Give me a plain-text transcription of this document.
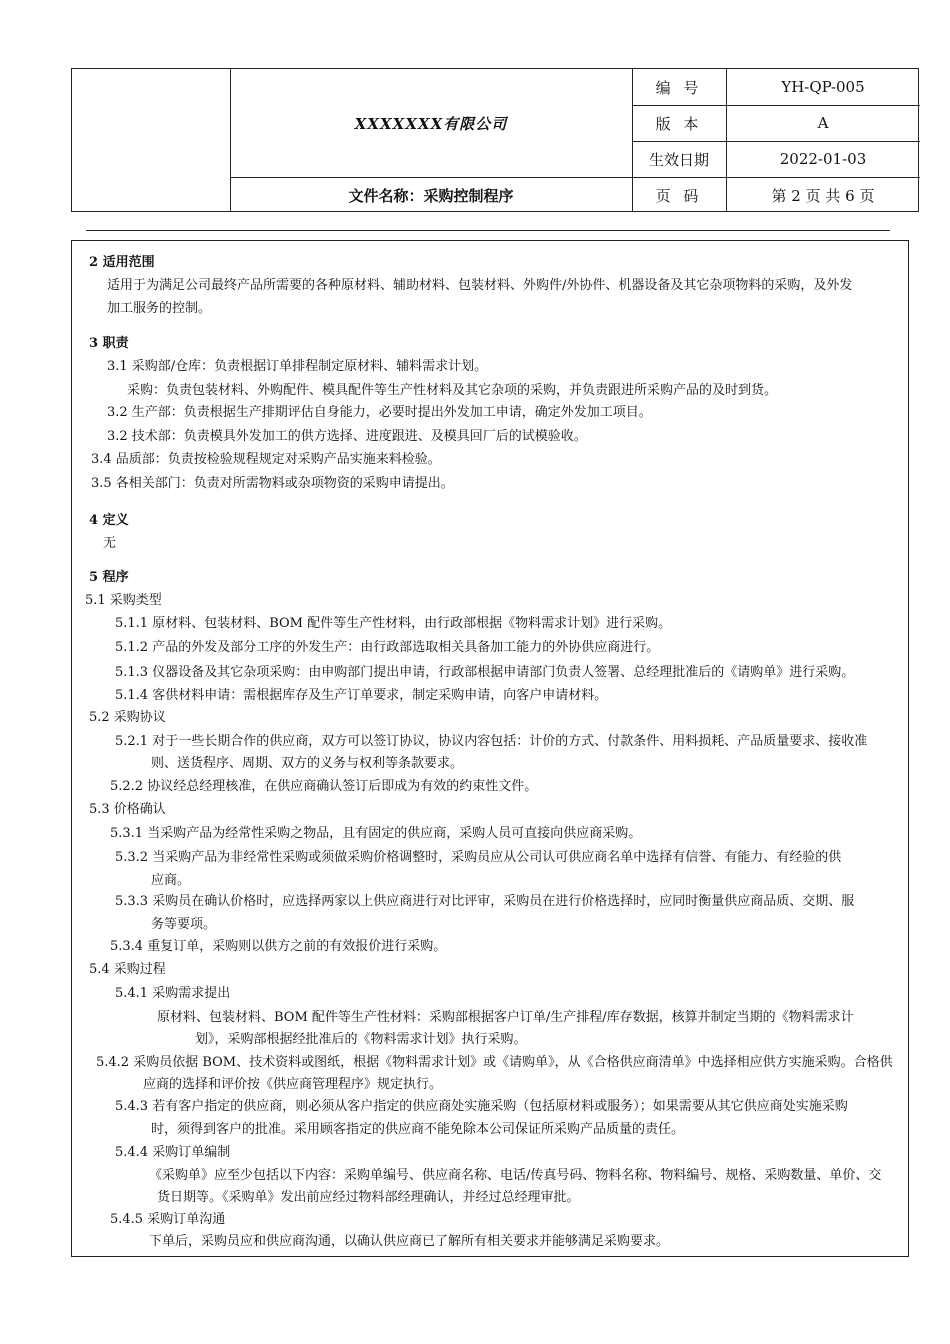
XXXXXXX有限公司
文件名称：采购控制程序
编 号	YH-QP-005
版 本	A
生效日期	2022-01-03
页 码	第 2 页 共 6 页
2 适用范围
适用于为满足公司最终产品所需要的各种原材料、辅助材料、包装材料、外购件/外协件、机器设备及其它杂项物料的采购，及外发
加工服务的控制。
3 职责
3.1 采购部/仓库：负责根据订单排程制定原材料、辅料需求计划。
采购：负责包装材料、外购配件、模具配件等生产性材料及其它杂项的采购，并负责跟进所采购产品的及时到货。
3.2 生产部：负责根据生产排期评估自身能力，必要时提出外发加工申请，确定外发加工项目。
3.2 技术部：负责模具外发加工的供方选择、进度跟进、及模具回厂后的试模验收。
3.4 品质部：负责按检验规程规定对采购产品实施来料检验。
3.5 各相关部门：负责对所需物料或杂项物资的采购申请提出。
4 定义
无
5 程序
5.1 采购类型
5.1.1 原材料、包装材料、BOM 配件等生产性材料，由行政部根据《物料需求计划》进行采购。
5.1.2 产品的外发及部分工序的外发生产：由行政部选取相关具备加工能力的外协供应商进行。
5.1.3 仪器设备及其它杂项采购：由申购部门提出申请，行政部根据申请部门负责人签署、总经理批准后的《请购单》进行采购。
5.1.4 客供材料申请：需根据库存及生产订单要求，制定采购申请，向客户申请材料。
5.2 采购协议
5.2.1 对于一些长期合作的供应商，双方可以签订协议，协议内容包括：计价的方式、付款条件、用料损耗、产品质量要求、接收准
则、送货程序、周期、双方的义务与权利等条款要求。
5.2.2 协议经总经理核准，在供应商确认签订后即成为有效的约束性文件。
5.3 价格确认
5.3.1 当采购产品为经常性采购之物品，且有固定的供应商，采购人员可直接向供应商采购。
5.3.2 当采购产品为非经常性采购或须做采购价格调整时，采购员应从公司认可供应商名单中选择有信誉、有能力、有经验的供
应商。
5.3.3 采购员在确认价格时，应选择两家以上供应商进行对比评审，采购员在进行价格选择时，应同时衡量供应商品质、交期、服
务等要项。
5.3.4 重复订单，采购则以供方之前的有效报价进行采购。
5.4 采购过程
5.4.1 采购需求提出
原材料、包装材料、BOM 配件等生产性材料：采购部根据客户订单/生产排程/库存数据，核算并制定当期的《物料需求计
划》，采购部根据经批准后的《物料需求计划》执行采购。
5.4.2 采购员依据 BOM、技术资料或图纸，根据《物料需求计划》或《请购单》，从《合格供应商清单》中选择相应供方实施采购。合格供
应商的选择和评价按《供应商管理程序》规定执行。
5.4.3 若有客户指定的供应商，则必须从客户指定的供应商处实施采购（包括原材料或服务）；如果需要从其它供应商处实施采购
时，须得到客户的批准。采用顾客指定的供应商不能免除本公司保证所采购产品质量的责任。
5.4.4 采购订单编制
《采购单》应至少包括以下内容：采购单编号、供应商名称、电话/传真号码、物料名称、物料编号、规格、采购数量、单价、交
货日期等。《采购单》发出前应经过物料部经理确认，并经过总经理审批。
5.4.5 采购订单沟通
下单后，采购员应和供应商沟通，以确认供应商已了解所有相关要求并能够满足采购要求。
